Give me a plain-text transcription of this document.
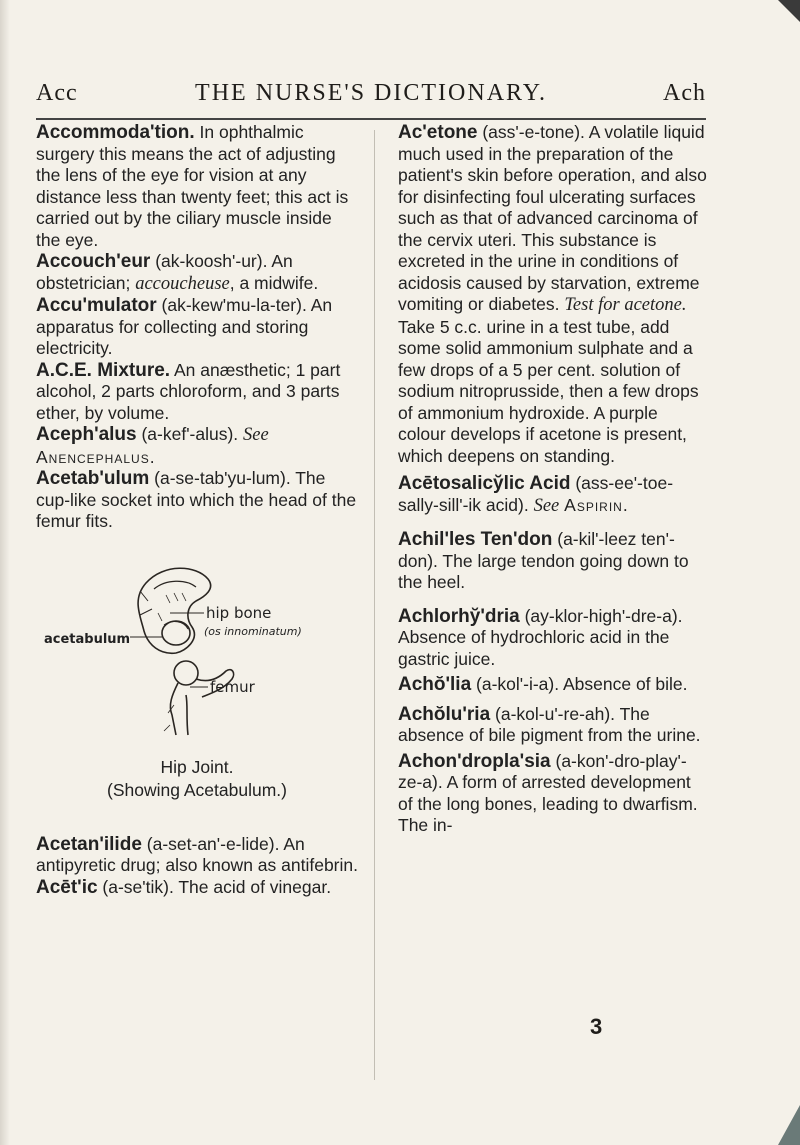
Acc	THE NURSE'S DICTIONARY.	Ach

Accommoda'tion. In ophthalmic surgery this means the act of adjusting the lens of the eye for vision at any distance less than twenty feet; this act is carried out by the ciliary muscle inside the eye.

Accouch'eur (ak-koosh'-ur). An obstetrician; accoucheuse, a midwife.

Accu'mulator (ak-kew'mu-la-ter). An apparatus for collecting and storing electricity.

A.C.E. Mixture. An anæsthetic; 1 part alcohol, 2 parts chloroform, and 3 parts ether, by volume.

Aceph'alus (a-kef'-alus). See Anencephalus.

Acetab'ulum (a-se-tab'yu-lum). The cup-like socket into which the head of the femur fits.

hip bone
(os innominatum)
acetabulum
femur
Hip Joint.
(Showing Acetabulum.)

Acetan'ilide (a-set-an'-e-lide). An antipyretic drug; also known as antifebrin.

Acēt'ic (a-se'tik). The acid of vinegar.

Ac'etone (ass'-e-tone). A volatile liquid much used in the preparation of the patient's skin before operation, and also for disinfecting foul ulcerating surfaces such as that of advanced carcinoma of the cervix uteri. This substance is excreted in the urine in conditions of acidosis caused by starvation, extreme vomiting or diabetes. Test for acetone. Take 5 c.c. urine in a test tube, add some solid ammonium sulphate and a few drops of a 5 per cent. solution of sodium nitroprusside, then a few drops of ammonium hydroxide. A purple colour develops if acetone is present, which deepens on standing.

Acētosalicy̆lic Acid (ass-ee'-toe-sally-sill'-ik acid). See Aspirin.

Achil'les Ten'don (a-kil'-leez ten'-don). The large tendon going down to the heel.

Achlorhy̆'dria (ay-klor-high'-dre-a). Absence of hydrochloric acid in the gastric juice.

Achŏ'lia (a-kol'-i-a). Absence of bile.

Achŏlu'ria (a-kol-u'-re-ah). The absence of bile pigment from the urine.

Achon'dropla'sia (a-kon'-dro-play'-ze-a). A form of arrested development of the long bones, leading to dwarfism. The in-

3
